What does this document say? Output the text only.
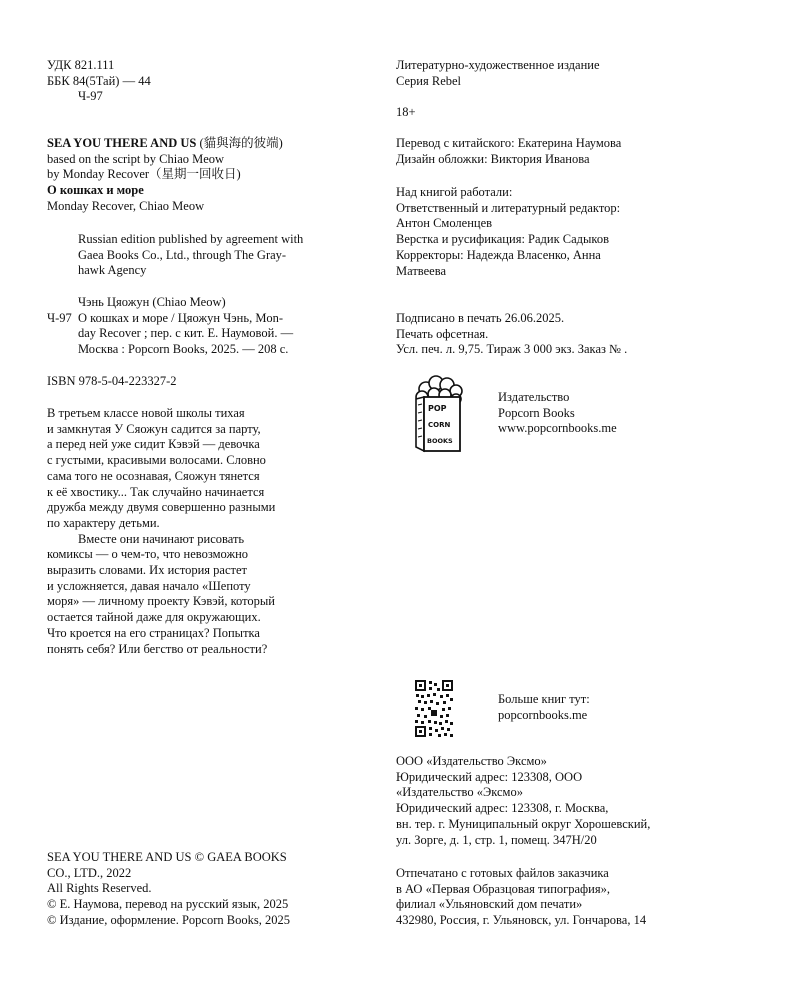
УДК 821.111
ББК 84(5Тай) — 44
Ч-97
SEA YOU THERE AND US (貓與海的彼端)
based on the script by Chiao Meow
by Monday Recover（星期一回收日)
О кошках и море
Monday Recover, Chiao Meow
Russian edition published by agreement with
Gaea Books Co., Ltd., through The Gray-
hawk Agency
Чэнь Цяожун (Chiao Meow)
Ч-97 О кошках и море / Цяожун Чэнь, Mon-
day Recover ; пер. с кит. Е. Наумовой. —
Москва : Popcorn Books, 2025. — 208 с.
ISBN 978-5-04-223327-2
В третьем классе новой школы тихая
и замкнутая У Сяожун садится за парту,
а перед ней уже сидит Кэвэй — девочка
с густыми, красивыми волосами. Словно
сама того не осознавая, Сяожун тянется
к её хвостику... Так случайно начинается
дружба между двумя совершенно разными
по характеру детьми.
Вместе они начинают рисовать
комиксы — о чем-то, что невозможно
выразить словами. Их история растет
и усложняется, давая начало «Шепоту
моря» — личному проекту Кэвэй, который
остается тайной даже для окружающих.
Что кроется на его страницах? Попытка
понять себя? Или бегство от реальности?
SEA YOU THERE AND US © GAEA BOOKS
CO., LTD., 2022
All Rights Reserved.
© Е. Наумова, перевод на русский язык, 2025
© Издание, оформление. Popcorn Books, 2025
Литературно-художественное издание
Серия Rebel
18+
Перевод с китайского: Екатерина Наумова
Дизайн обложки: Виктория Иванова
Над книгой работали:
Ответственный и литературный редактор:
Антон Смоленцев
Верстка и русификация: Радик Садыков
Корректоры: Надежда Власенко, Анна
Матвеева
Подписано в печать 26.06.2025.
Печать офсетная.
Усл. печ. л. 9,75. Тираж 3 000 экз. Заказ № .
POP
CORN
BOOKS
Издательство
Popcorn Books
www.popcornbooks.me
Больше книг тут:
popcornbooks.me
ООО «Издательство Эксмо»
Юридический адрес: 123308, ООО
«Издательство «Эксмо»
Юридический адрес: 123308, г. Москва,
вн. тер. г. Муниципальный округ Хорошевский,
ул. Зорге, д. 1, стр. 1, помещ. 347Н/20
Отпечатано с готовых файлов заказчика
в АО «Первая Образцовая типография»,
филиал «Ульяновский дом печати»
432980, Россия, г. Ульяновск, ул. Гончарова, 14
